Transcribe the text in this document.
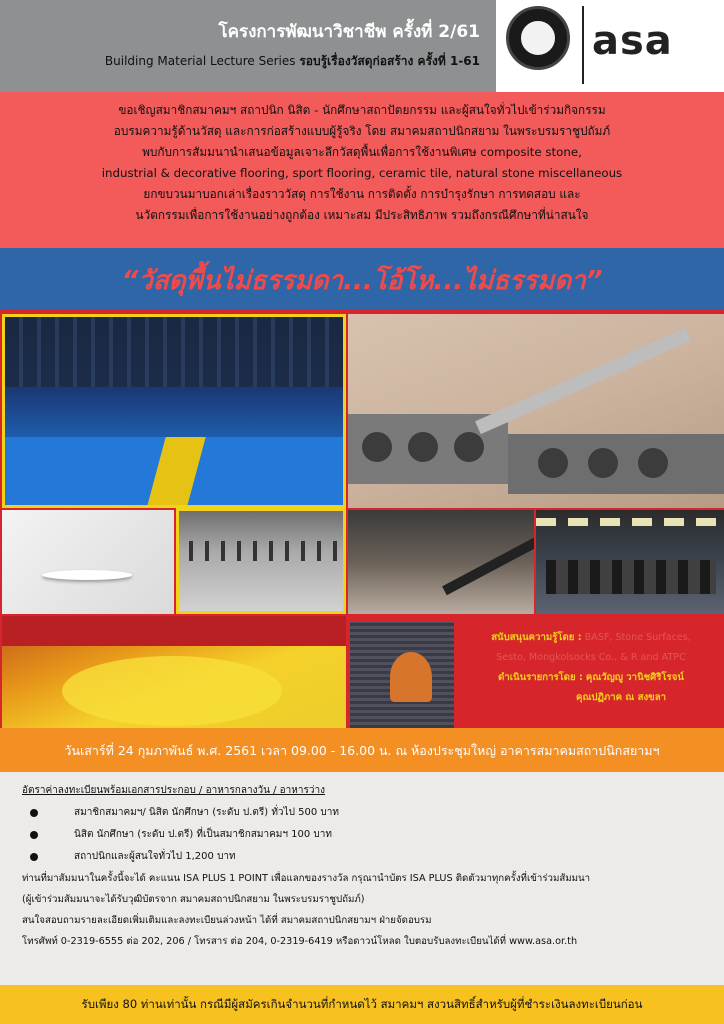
โครงการพัฒนาวิชาชีพ ครั้งที่ 2/61
Building Material Lecture Series รอบรู้เรื่องวัสดุก่อสร้าง ครั้งที่ 1-61	asa

ขอเชิญสมาชิกสมาคมฯ สถาปนิก นิสิต - นักศึกษาสถาปัตยกรรม และผู้สนใจทั่วไปเข้าร่วมกิจกรรม

อบรมความรู้ด้านวัสดุ และการก่อสร้างแบบผู้รู้จริง โดย สมาคมสถาปนิกสยาม ในพระบรมราชูปถัมภ์

พบกับการสัมมนานำเสนอข้อมูลเจาะลึกวัสดุพื้นเพื่อการใช้งานพิเศษ composite stone,

industrial & decorative flooring, sport flooring, ceramic tile, natural stone miscellaneous

ยกขบวนมาบอกเล่าเรื่องราววัสดุ การใช้งาน การติดตั้ง การบำรุงรักษา การทดสอบ และ

นวัตกรรมเพื่อการใช้งานอย่างถูกต้อง เหมาะสม มีประสิทธิภาพ รวมถึงกรณีศึกษาที่น่าสนใจ

“วัสดุพื้นไม่ธรรมดา...โอ้โห...ไม่ธรรมดา”

สนับสนุนความรู้โดย : BASF, Stone Surfaces,

Sesto, Mongkolsocks Co., & R and ATPC

ดำเนินรายการโดย : คุณวัญญู วานิชศิริโรจน์

คุณปฏิภาค ณ สงขลา

วันเสาร์ที่ 24 กุมภาพันธ์ พ.ศ. 2561 เวลา 09.00 - 16.00 น. ณ ห้องประชุมใหญ่ อาคารสมาคมสถาปนิกสยามฯ

อัตราค่าลงทะเบียนพร้อมเอกสารประกอบ / อาหารกลางวัน / อาหารว่าง
สมาชิกสมาคมฯ/ นิสิต นักศึกษา (ระดับ ป.ตรี) ทั่วไป 500 บาท
นิสิต นักศึกษา (ระดับ ป.ตรี) ที่เป็นสมาชิกสมาคมฯ 100 บาท
สถาปนิกและผู้สนใจทั่วไป 1,200 บาท
ท่านที่มาสัมมนาในครั้งนี้จะได้ คะแนน ISA PLUS 1 POINT เพื่อแลกของรางวัล กรุณานำบัตร ISA PLUS ติดตัวมาทุกครั้งที่เข้าร่วมสัมมนา
(ผู้เข้าร่วมสัมมนาจะได้รับวุฒิบัตรจาก สมาคมสถาปนิกสยาม ในพระบรมราชูปถัมภ์)
สนใจสอบถามรายละเอียดเพิ่มเติมและลงทะเบียนล่วงหน้า ได้ที่ สมาคมสถาปนิกสยามฯ ฝ่ายจัดอบรม
โทรศัพท์ 0-2319-6555 ต่อ 202, 206 / โทรสาร ต่อ 204, 0-2319-6419 หรือดาวน์โหลด ใบตอบรับลงทะเบียนได้ที่ www.asa.or.th

รับเพียง 80 ท่านเท่านั้น กรณีมีผู้สมัครเกินจำนวนที่กำหนดไว้ สมาคมฯ สงวนสิทธิ์สำหรับผู้ที่ชำระเงินลงทะเบียนก่อน
